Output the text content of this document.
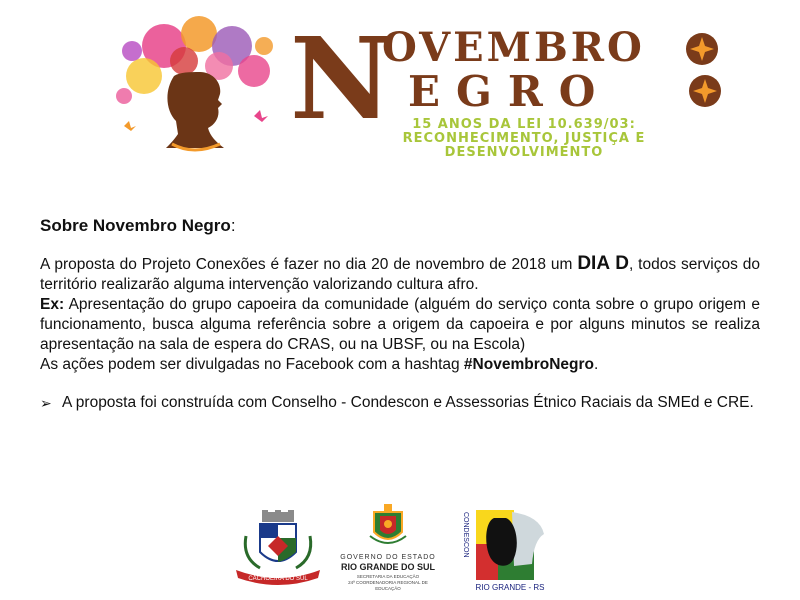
N
OVEMBRO
EGRO
15 ANOS DA LEI 10.639/03:
RECONHECIMENTO, JUSTIÇA E
DESENVOLVIMENTO
Sobre Novembro Negro:

A proposta do Projeto Conexões é fazer no dia 20 de novembro de 2018 um DIA D, todos serviços do território realizarão alguma intervenção valorizando cultura afro.

Ex: Apresentação do grupo capoeira da comunidade (alguém do serviço conta sobre o grupo origem e funcionamento, busca alguma referência sobre a origem da capoeira e por alguns minutos se realiza apresentação na sala de espera do CRAS, ou na UBSF, ou na Escola)

As ações podem ser divulgadas no Facebook com a hashtag #NovembroNegro.

➢ A proposta foi construída com Conselho - Condescon e Assessorias Étnico Raciais da SMEd e CRE.

CACHOEIRA DO SUL
GOVERNO DO ESTADO
RIO GRANDE DO SUL
SECRETARIA DA EDUCAÇÃO
24ª COORDENADORIA REGIONAL DE EDUCAÇÃO
CONDESCON
RIO GRANDE - RS
